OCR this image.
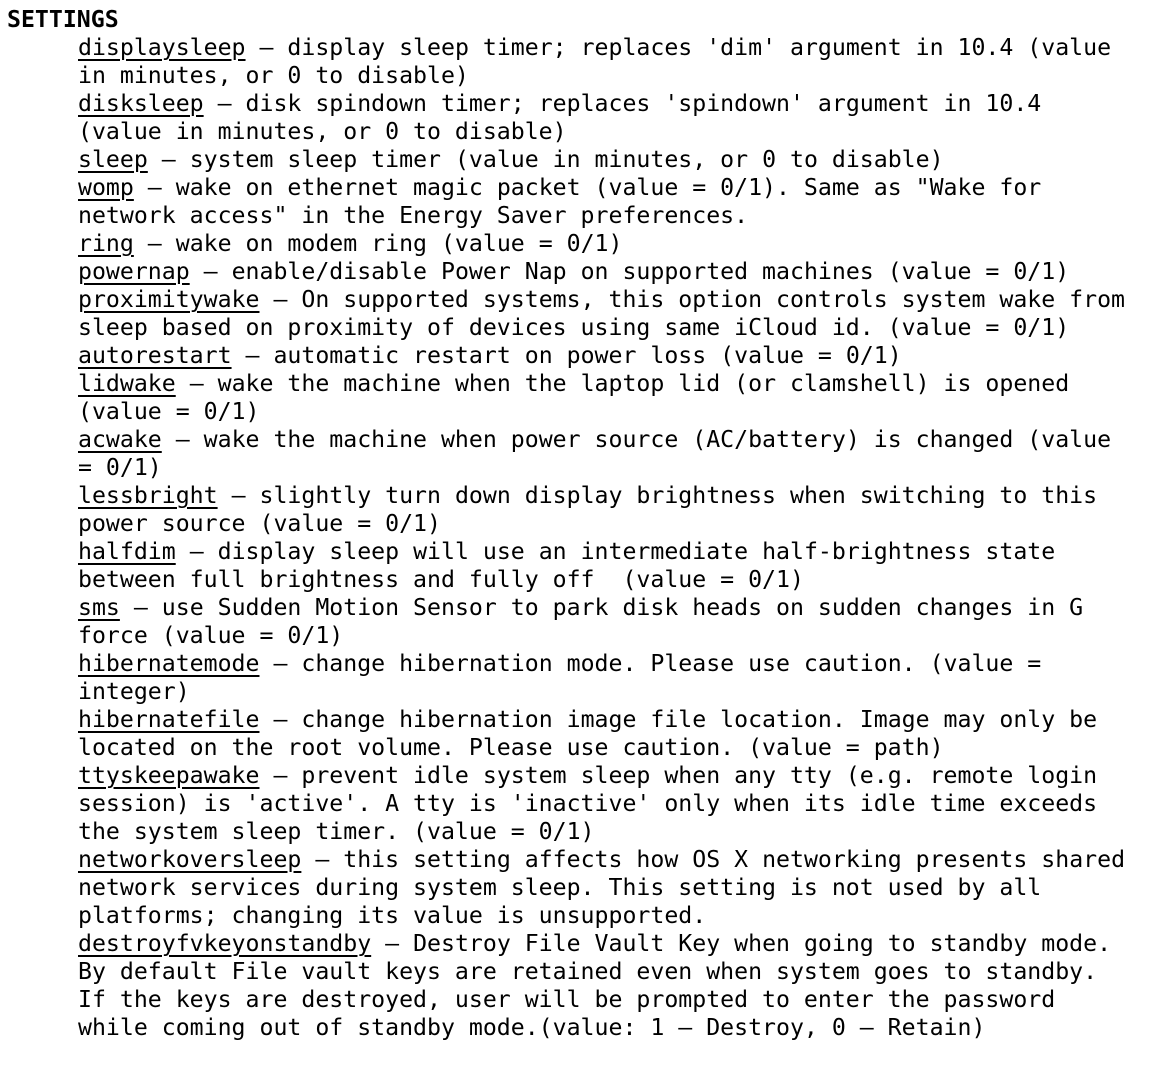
SETTINGS
displaysleep – display sleep timer; replaces 'dim' argument in 10.4 (value
in minutes, or 0 to disable)
disksleep – disk spindown timer; replaces 'spindown' argument in 10.4
(value in minutes, or 0 to disable)
sleep – system sleep timer (value in minutes, or 0 to disable)
womp – wake on ethernet magic packet (value = 0/1). Same as "Wake for
network access" in the Energy Saver preferences.
ring – wake on modem ring (value = 0/1)
powernap – enable/disable Power Nap on supported machines (value = 0/1)
proximitywake – On supported systems, this option controls system wake from
sleep based on proximity of devices using same iCloud id. (value = 0/1)
autorestart – automatic restart on power loss (value = 0/1)
lidwake – wake the machine when the laptop lid (or clamshell) is opened
(value = 0/1)
acwake – wake the machine when power source (AC/battery) is changed (value
= 0/1)
lessbright – slightly turn down display brightness when switching to this
power source (value = 0/1)
halfdim – display sleep will use an intermediate half-brightness state
between full brightness and fully off  (value = 0/1)
sms – use Sudden Motion Sensor to park disk heads on sudden changes in G
force (value = 0/1)
hibernatemode – change hibernation mode. Please use caution. (value =
integer)
hibernatefile – change hibernation image file location. Image may only be
located on the root volume. Please use caution. (value = path)
ttyskeepawake – prevent idle system sleep when any tty (e.g. remote login
session) is 'active'. A tty is 'inactive' only when its idle time exceeds
the system sleep timer. (value = 0/1)
networkoversleep – this setting affects how OS X networking presents shared
network services during system sleep. This setting is not used by all
platforms; changing its value is unsupported.
destroyfvkeyonstandby – Destroy File Vault Key when going to standby mode.
By default File vault keys are retained even when system goes to standby.
If the keys are destroyed, user will be prompted to enter the password
while coming out of standby mode.(value: 1 – Destroy, 0 – Retain)
